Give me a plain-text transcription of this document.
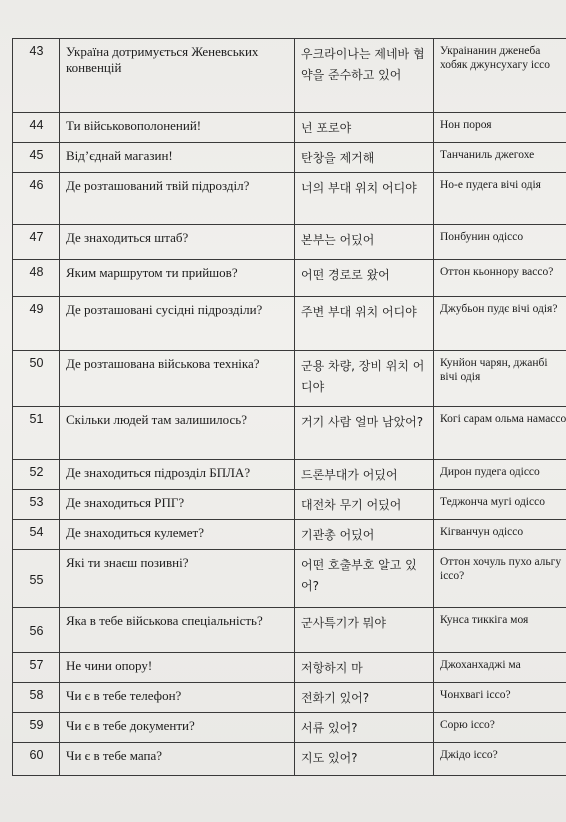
43	Україна дотримується Женевських конвенцій	우크라이나는 제네바 협약을 준수하고 있어	Украінанин дженеба хобяк джунсухагу іссо
44	Ти військовополонений!	넌 포로야	Нон пороя
45	Від’єднай магазин!	탄창을 제거해	Танчаниль джегохе
46	Де розташований твій підрозділ?	너의 부대 위치 어디야	Но-е пудега вічі одія
47	Де знаходиться штаб?	본부는 어딨어	Понбунин одіссо
48	Яким маршрутом ти прийшов?	어떤 경로로 왔어	Оттон кьоннору вассо?
49	Де розташовані сусідні підрозділи?	주변 부대 위치 어디야	Джубьон пудє вічі одія?
50	Де розташована військова техніка?	군용 차량, 장비 위치 어디야	Кунйон чарян, джанбі вічі одія
51	Скільки людей там залишилось?	거기 사람 얼마 남았어?	Когі сарам ольма намассо
52	Де знаходиться підрозділ БПЛА?	드론부대가 어딨어	Дирон пудега одіссо
53	Де знаходиться РПГ?	대전차 무기 어딨어	Теджонча мугі одіссо
54	Де знаходиться кулемет?	기관총 어딨어	Кігванчун одіссо
55	Які ти знаєш позивні?	어떤 호출부호 알고 있어?	Оттон хочуль пухо альгу іссо?
56	Яка в тебе військова спеціальність?	군사특기가 뭐야	Кунса тиккіга моя
57	Не чини опору!	저항하지 마	Джоханхаджі ма
58	Чи є в тебе телефон?	전화기 있어?	Чонхвагі іссо?
59	Чи є в тебе документи?	서류 있어?	Сорю іссо?
60	Чи є в тебе мапа?	지도 있어?	Джідо іссо?
